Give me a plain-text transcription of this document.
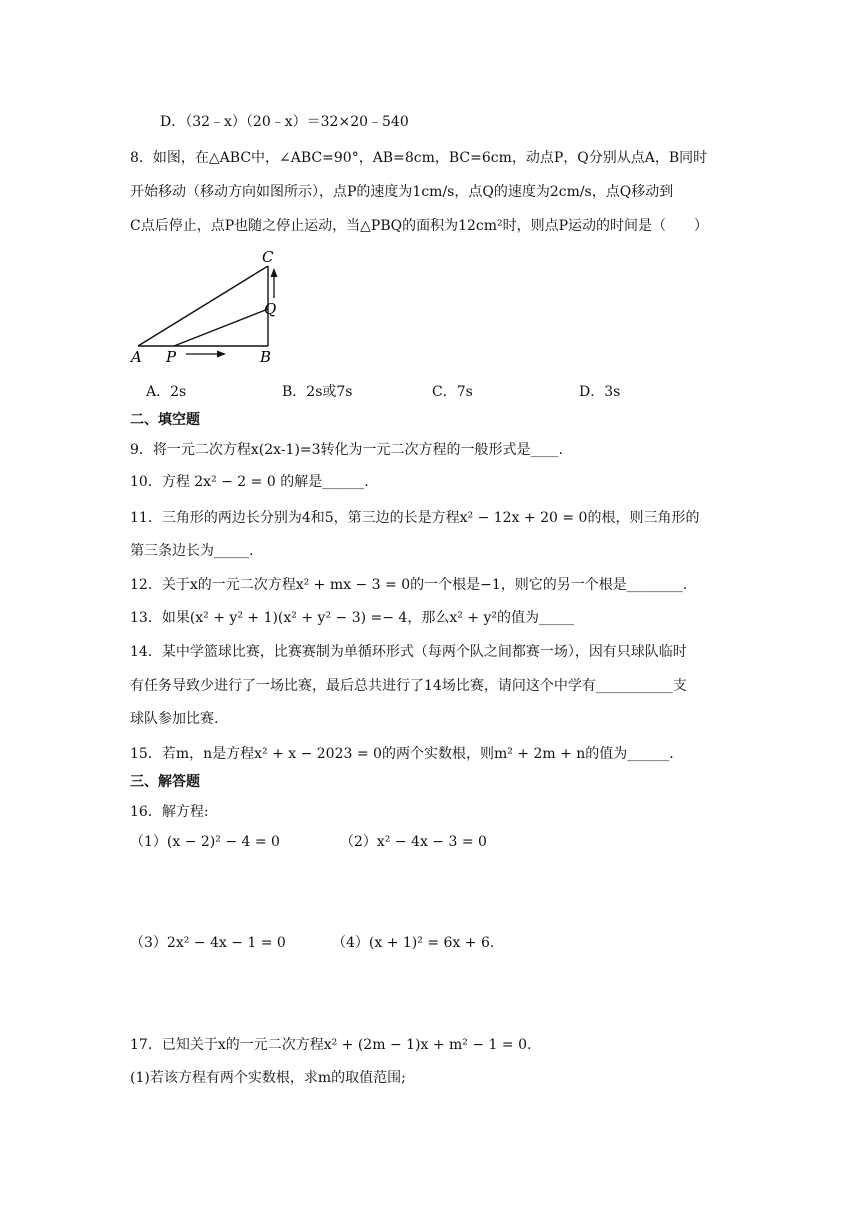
D．（32﹣x）（20﹣x）＝32×20﹣540
8．如图，在△ABC中，∠ABC=90°，AB=8cm，BC=6cm，动点P，Q分别从点A，B同时
开始移动（移动方向如图所示），点P的速度为1cm/s，点Q的速度为2cm/s，点Q移动到
C点后停止，点P也随之停止运动，当△PBQ的面积为12cm²时，则点P运动的时间是（　　）
A P	B
Q
C
A．2s	B．2s或7s	C．7s	D．3s
二、填空题
9．将一元二次方程x(2x-1)=3转化为一元二次方程的一般形式是____.
10．方程 2x² − 2 = 0 的解是______.
11．三角形的两边长分别为4和5，第三边的长是方程x² − 12x + 20 = 0的根，则三角形的
第三条边长为_____.
12．关于x的一元二次方程x² + mx − 3 = 0的一个根是−1，则它的另一个根是________.
13．如果(x² + y² + 1)(x² + y² − 3) =− 4，那么x² + y²的值为_____
14．某中学篮球比赛，比赛赛制为单循环形式（每两个队之间都赛一场），因有只球队临时
有任务导致少进行了一场比赛，最后总共进行了14场比赛，请问这个中学有___________支
球队参加比赛.
15．若m，n是方程x² + x − 2023 = 0的两个实数根，则m² + 2m + n的值为______.
三、解答题
16．解方程:
（1）(x − 2)² − 4 = 0	（2）x² − 4x − 3 = 0
（3）2x² − 4x − 1 = 0	（4）(x + 1)² = 6x + 6.
17．已知关于x的一元二次方程x² + (2m − 1)x + m² − 1 = 0.
(1)若该方程有两个实数根，求m的取值范围;
